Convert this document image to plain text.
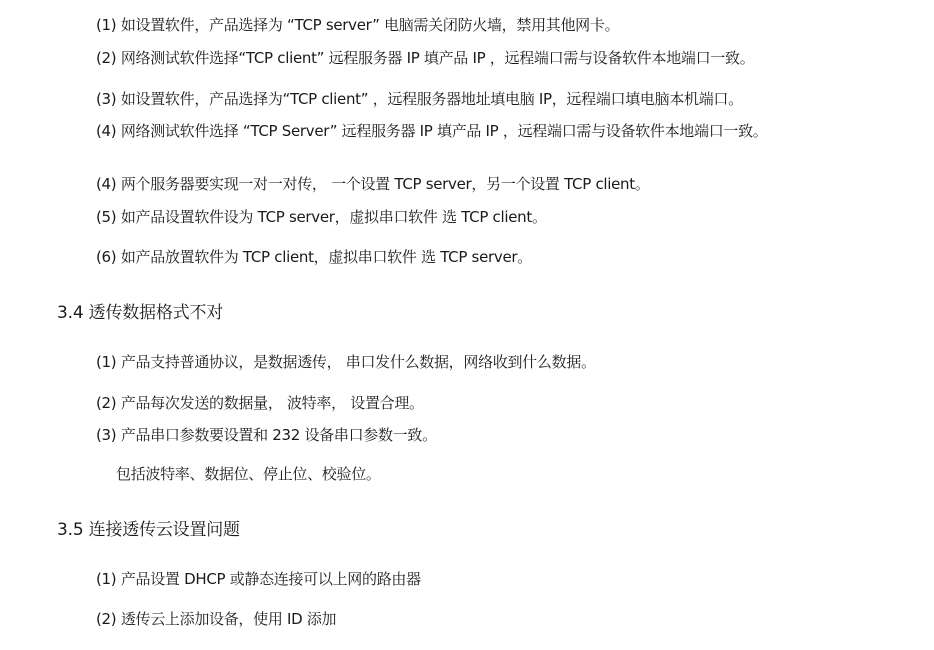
(1) 如设置软件，产品选择为 “TCP server” 电脑需关闭防火墙，禁用其他网卡。
(2) 网络测试软件选择“TCP client” 远程服务器 IP 填产品 IP ，远程端口需与设备软件本地端口一致。
(3) 如设置软件，产品选择为“TCP client” ，远程服务器地址填电脑 IP，远程端口填电脑本机端口。
(4) 网络测试软件选择 “TCP Server” 远程服务器 IP 填产品 IP ，远程端口需与设备软件本地端口一致。
(4) 两个服务器要实现一对一对传， 一个设置 TCP server，另一个设置 TCP client。
(5) 如产品设置软件设为 TCP server，虚拟串口软件 选 TCP client。
(6) 如产品放置软件为 TCP client，虚拟串口软件 选 TCP server。
3.4 透传数据格式不对
(1) 产品支持普通协议，是数据透传， 串口发什么数据，网络收到什么数据。
(2) 产品每次发送的数据量， 波特率， 设置合理。
(3) 产品串口参数要设置和 232 设备串口参数一致。
包括波特率、数据位、停止位、校验位。
3.5 连接透传云设置问题
(1) 产品设置 DHCP 或静态连接可以上网的路由器
(2) 透传云上添加设备，使用 ID 添加
